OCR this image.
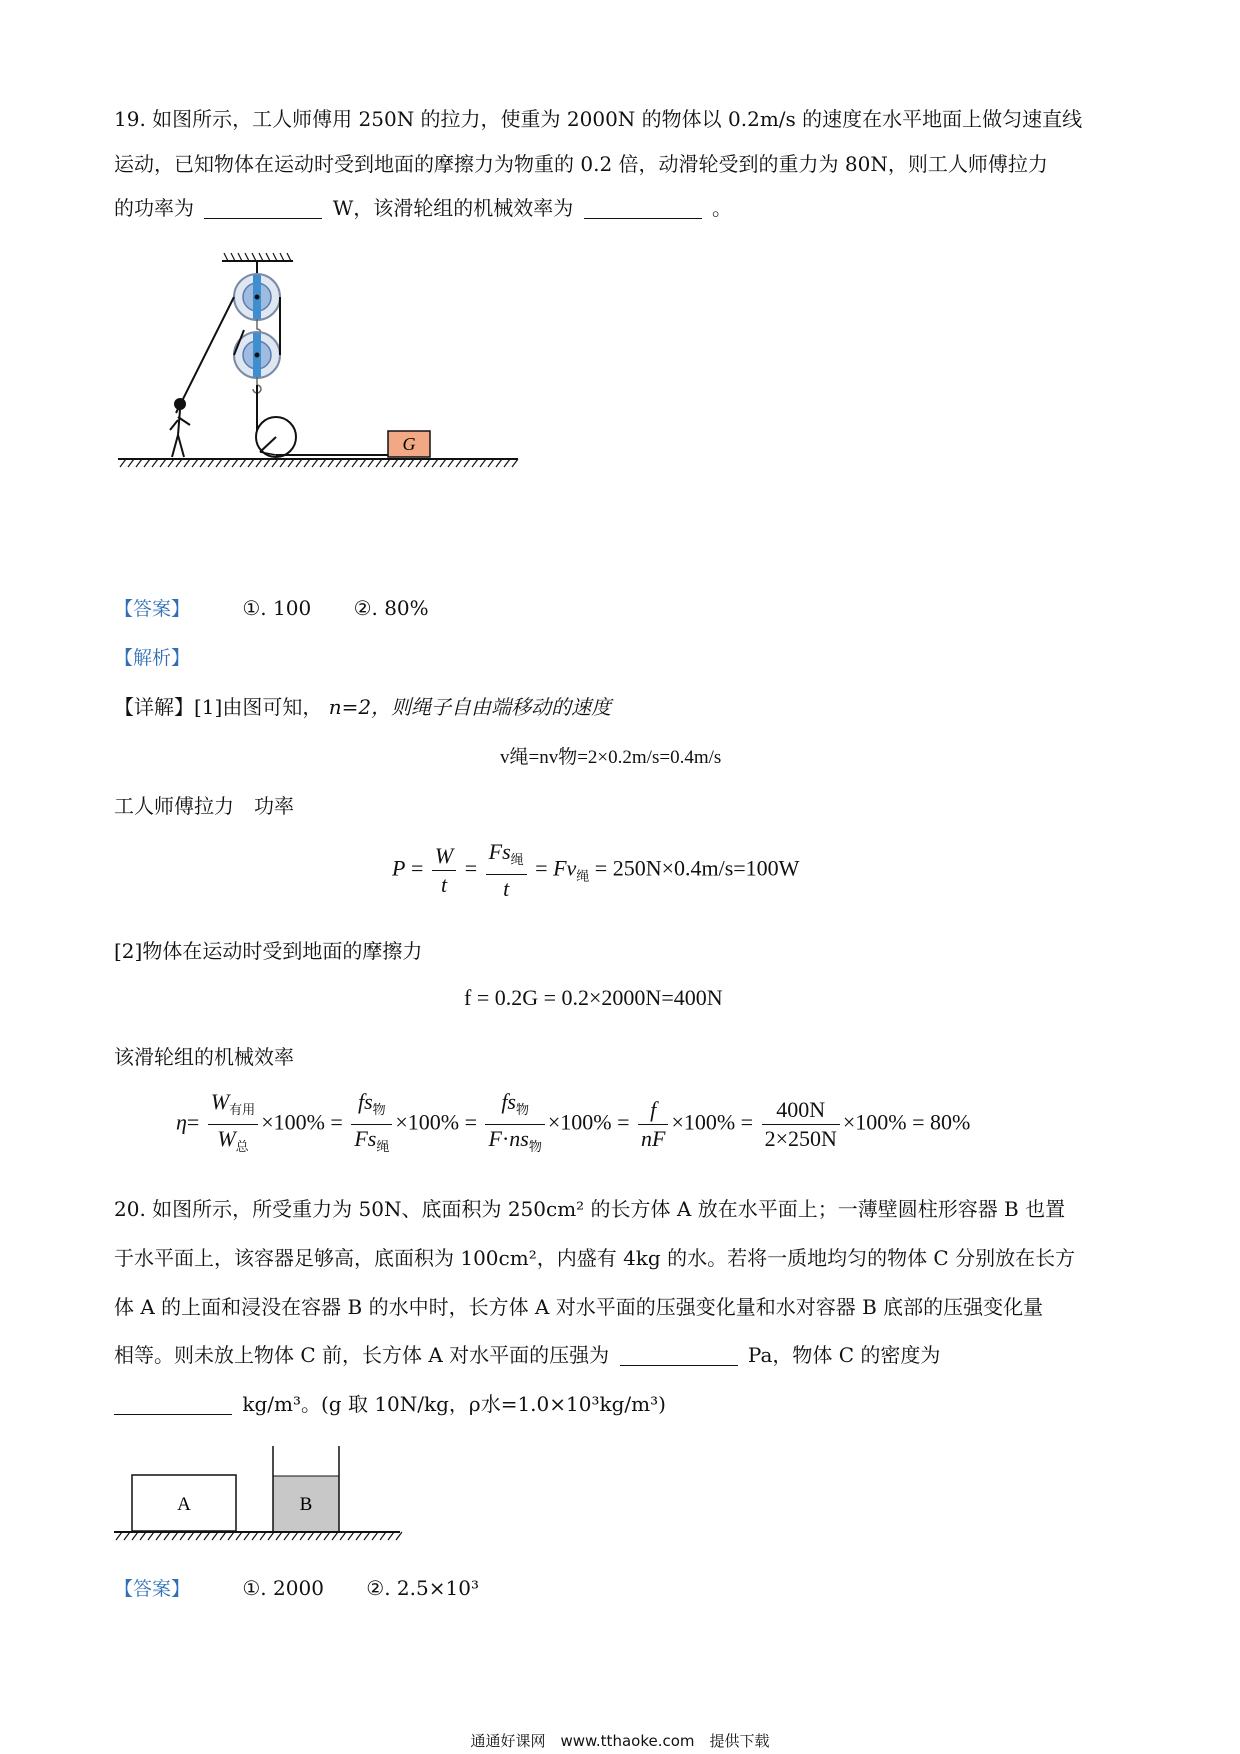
19. 如图所示，工人师傅用 250N 的拉力，使重为 2000N 的物体以 0.2m/s 的速度在水平地面上做匀速直线
运动，已知物体在运动时受到地面的摩擦力为物重的 0.2 倍，动滑轮受到的重力为 80N，则工人师傅拉力
的功率为	W，该滑轮组的机械效率为	。
G
【答案】	①. 100 ②. 80%
【解析】
【详解】[1]由图可知， n=2，则绳子自由端移动的速度
v绳=nv物=2×0.2m/s=0.4m/s
工人师傅拉力　功率
$P = \frac{W}{t} = \frac{Fs_绳}{t} = Fv_绳 = 250N\times 0.4m/s=100W$
[2]物体在运动时受到地面的摩擦力
f = 0.2G = 0.2×2000N=400N
该滑轮组的机械效率
$\eta= \frac{W_{有用}}{W_总} \times 100\% = \frac{fs_物}{Fs_绳} \times 100\% = \frac{fs_物}{F\cdot ns_物} \times 100\% = \frac{f}{nF} \times 100\% = \frac{400N}{2\times 250N} \times 100\% = 80\%$
20. 如图所示，所受重力为 50N、底面积为 250cm² 的长方体 A 放在水平面上；一薄壁圆柱形容器 B 也置
于水平面上，该容器足够高，底面积为 100cm²，内盛有 4kg 的水。若将一质地均匀的物体 C 分别放在长方
体 A 的上面和浸没在容器 B 的水中时，长方体 A 对水平面的压强变化量和水对容器 B 底部的压强变化量
相等。则未放上物体 C 前，长方体 A 对水平面的压强为	Pa，物体 C 的密度为
kg/m³。(g 取 10N/kg，ρ水=1.0×10³kg/m³)
A	B
【答案】	①. 2000 ②. 2.5×10³
通通好课网　www.tthaoke.com　提供下载
